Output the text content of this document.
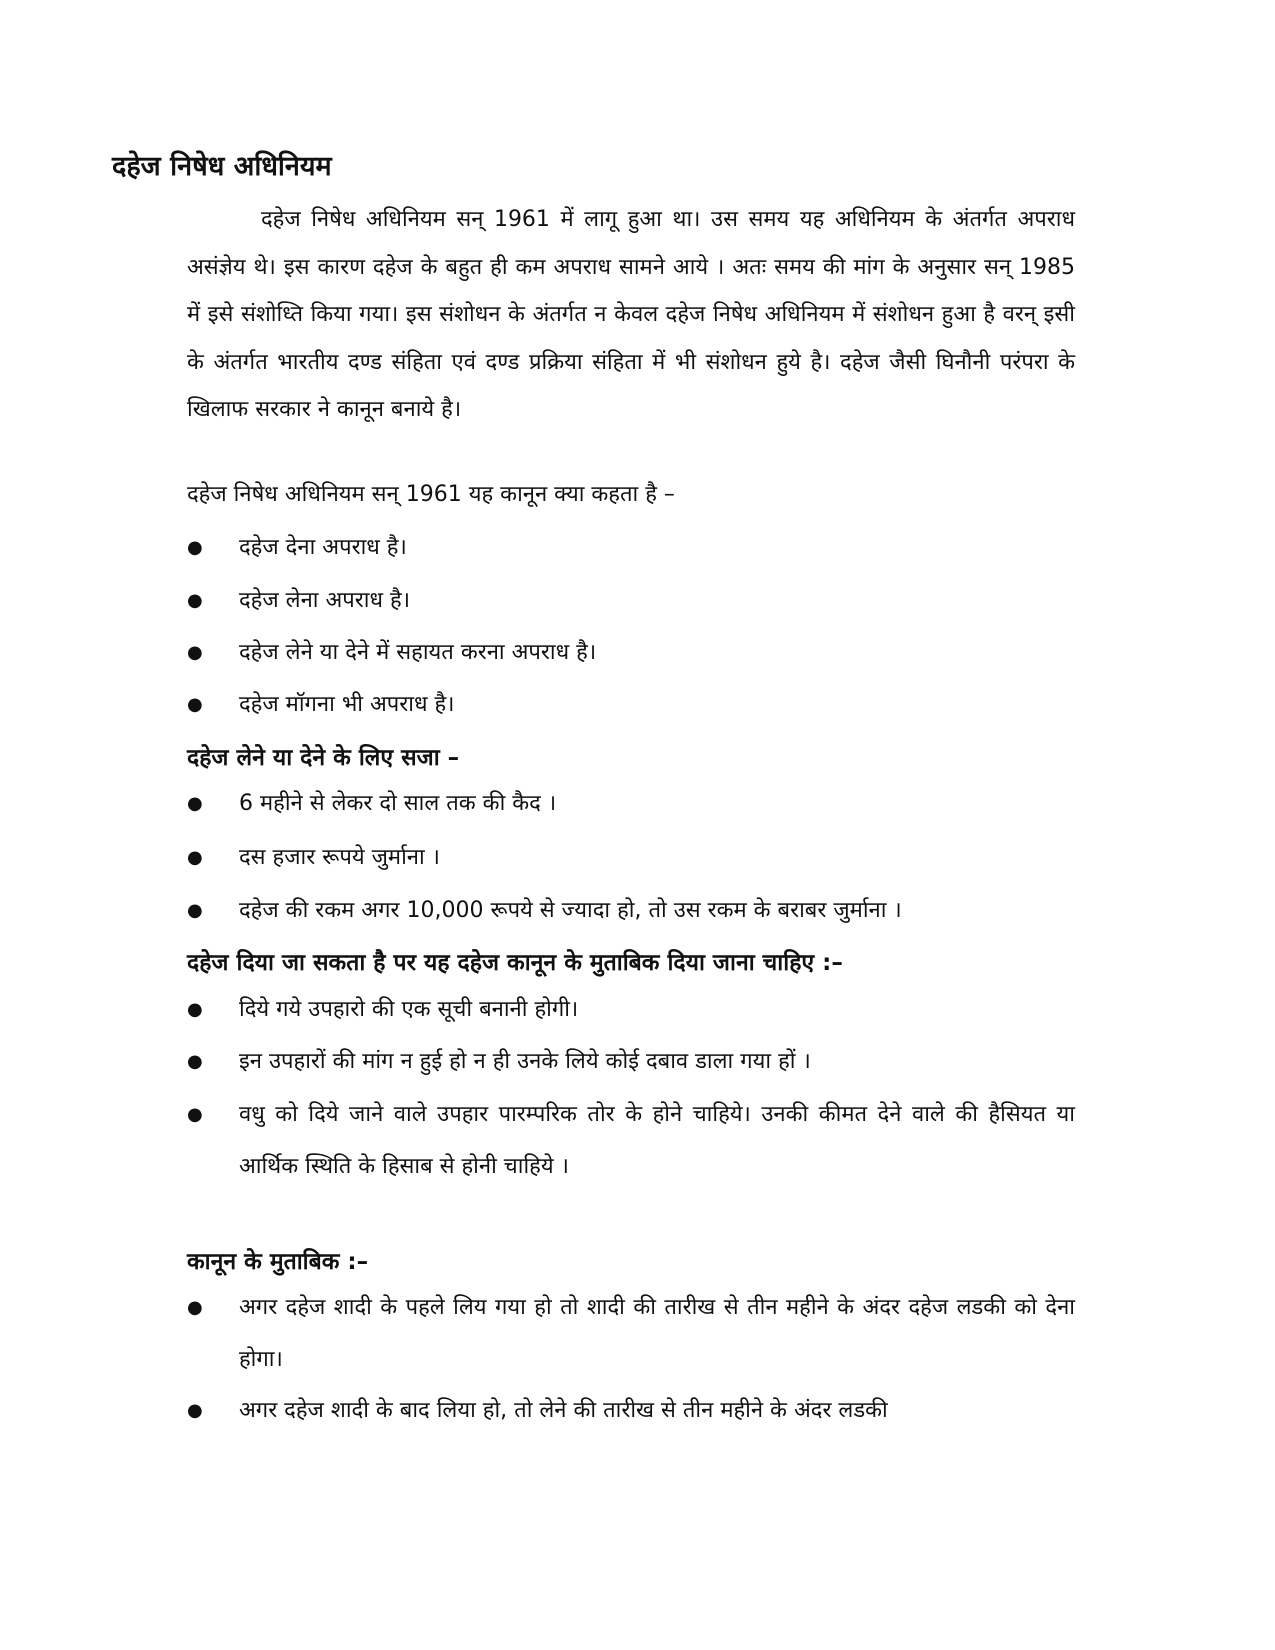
दहेज निषेध अधिनियम

दहेज निषेध अधिनियम सन् 1961 में लागू हुआ था। उस समय यह अधिनियम के अंतर्गत अपराध असंज्ञेय थे। इस कारण दहेज के बहुत ही कम अपराध सामने आये । अतः समय की मांग के अनुसार सन् 1985 में इसे संशोध्ति किया गया। इस संशोधन के अंतर्गत न केवल दहेज निषेध अधिनियम में संशोधन हुआ है वरन् इसी के अंतर्गत भारतीय दण्ड संहिता एवं दण्ड प्रक्रिया संहिता में भी संशोधन हुये है। दहेज जैसी घिनौनी परंपरा के खिलाफ सरकार ने कानून बनाये है।

दहेज निषेध अधिनियम सन् 1961 यह कानून क्या कहता है –

● दहेज देना अपराध है।
● दहेज लेना अपराध है।
● दहेज लेने या देने में सहायत करना अपराध है।
● दहेज मॉगना भी अपराध है।

दहेज लेने या देने के लिए सजा –

● 6 महीने से लेकर दो साल तक की कैद ।
● दस हजार रूपये जुर्माना ।
● दहेज की रकम अगर 10,000 रूपये से ज्यादा हो, तो उस रकम के बराबर जुर्माना ।

दहेज दिया जा सकता है पर यह दहेज कानून के मुताबिक दिया जाना चाहिए :–

● दिये गये उपहारो की एक सूची बनानी होगी।
● इन उपहारों की मांग न हुई हो न ही उनके लिये कोई दबाव डाला गया हों ।
● वधु को दिये जाने वाले उपहार पारम्परिक तोर के होने चाहिये। उनकी कीमत देने वाले की हैसियत या आर्थिक स्थिति के हिसाब से होनी चाहिये ।

कानून के मुताबिक :–

● अगर दहेज शादी के पहले लिय गया हो तो शादी की तारीख से तीन महीने के अंदर दहेज लडकी को देना होगा।
● अगर दहेज शादी के बाद लिया हो, तो लेने की तारीख से तीन महीने के अंदर लडकी
